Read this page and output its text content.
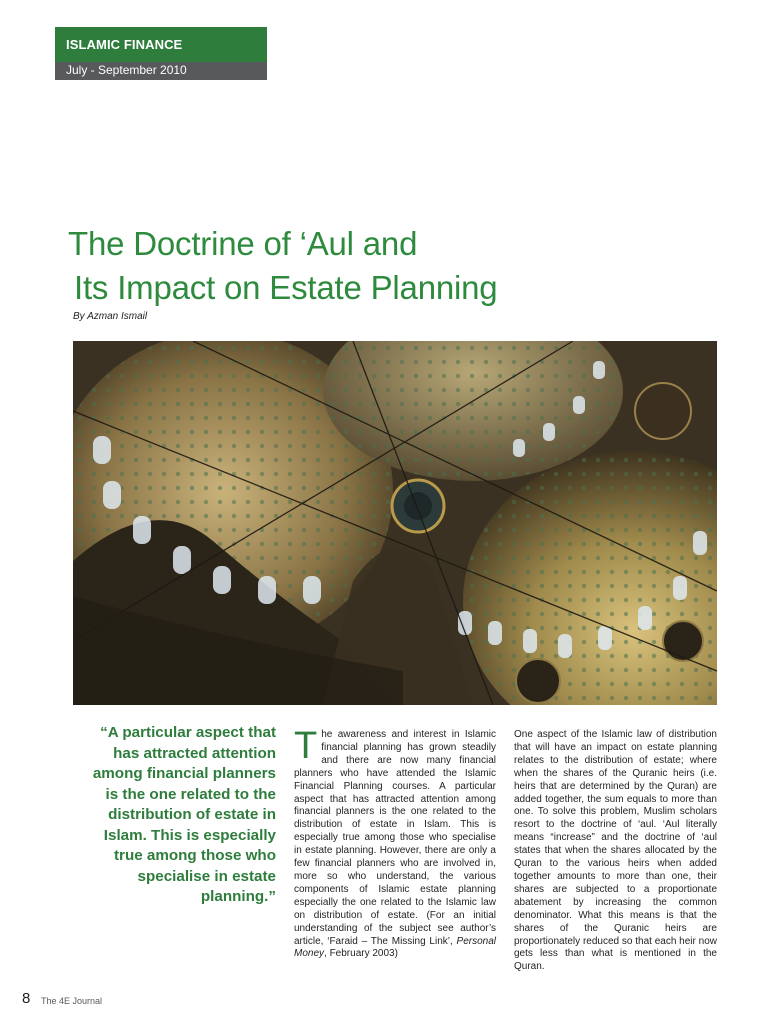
ISLAMIC FINANCE
July - September 2010
The Doctrine of ‘Aul and
Its Impact on Estate Planning
By Azman Ismail
“A particular aspect that has attracted attention among financial planners is the one related to the distribution of estate in Islam. This is especially true among those who specialise in estate planning.”
The awareness and interest in Islamic financial planning has grown steadily and there are now many financial planners who have attended the Islamic Financial Planning courses. A particular aspect that has attracted attention among financial planners is the one related to the distribution of estate in Islam. This is especially true among those who specialise in estate planning. However, there are only a few financial planners who are involved in, more so who understand, the various components of Islamic estate planning especially the one related to the Islamic law on distribution of estate. (For an initial understanding of the subject see author’s article, ‘Faraid – The Missing Link’, Personal Money, February 2003)
One aspect of the Islamic law of distribution that will have an impact on estate planning relates to the distribution of estate; where when the shares of the Quranic heirs (i.e. heirs that are determined by the Quran) are added together, the sum equals to more than one. To solve this problem, Muslim scholars resort to the doctrine of ‘aul. ‘Aul literally means “increase” and the doctrine of ‘aul states that when the shares allocated by the Quran to the various heirs when added together amounts to more than one, their shares are subjected to a proportionate abatement by increasing the common denominator. What this means is that the shares of the Quranic heirs are proportionately reduced so that each heir now gets less than what is mentioned in the Quran.
8 The 4E Journal
